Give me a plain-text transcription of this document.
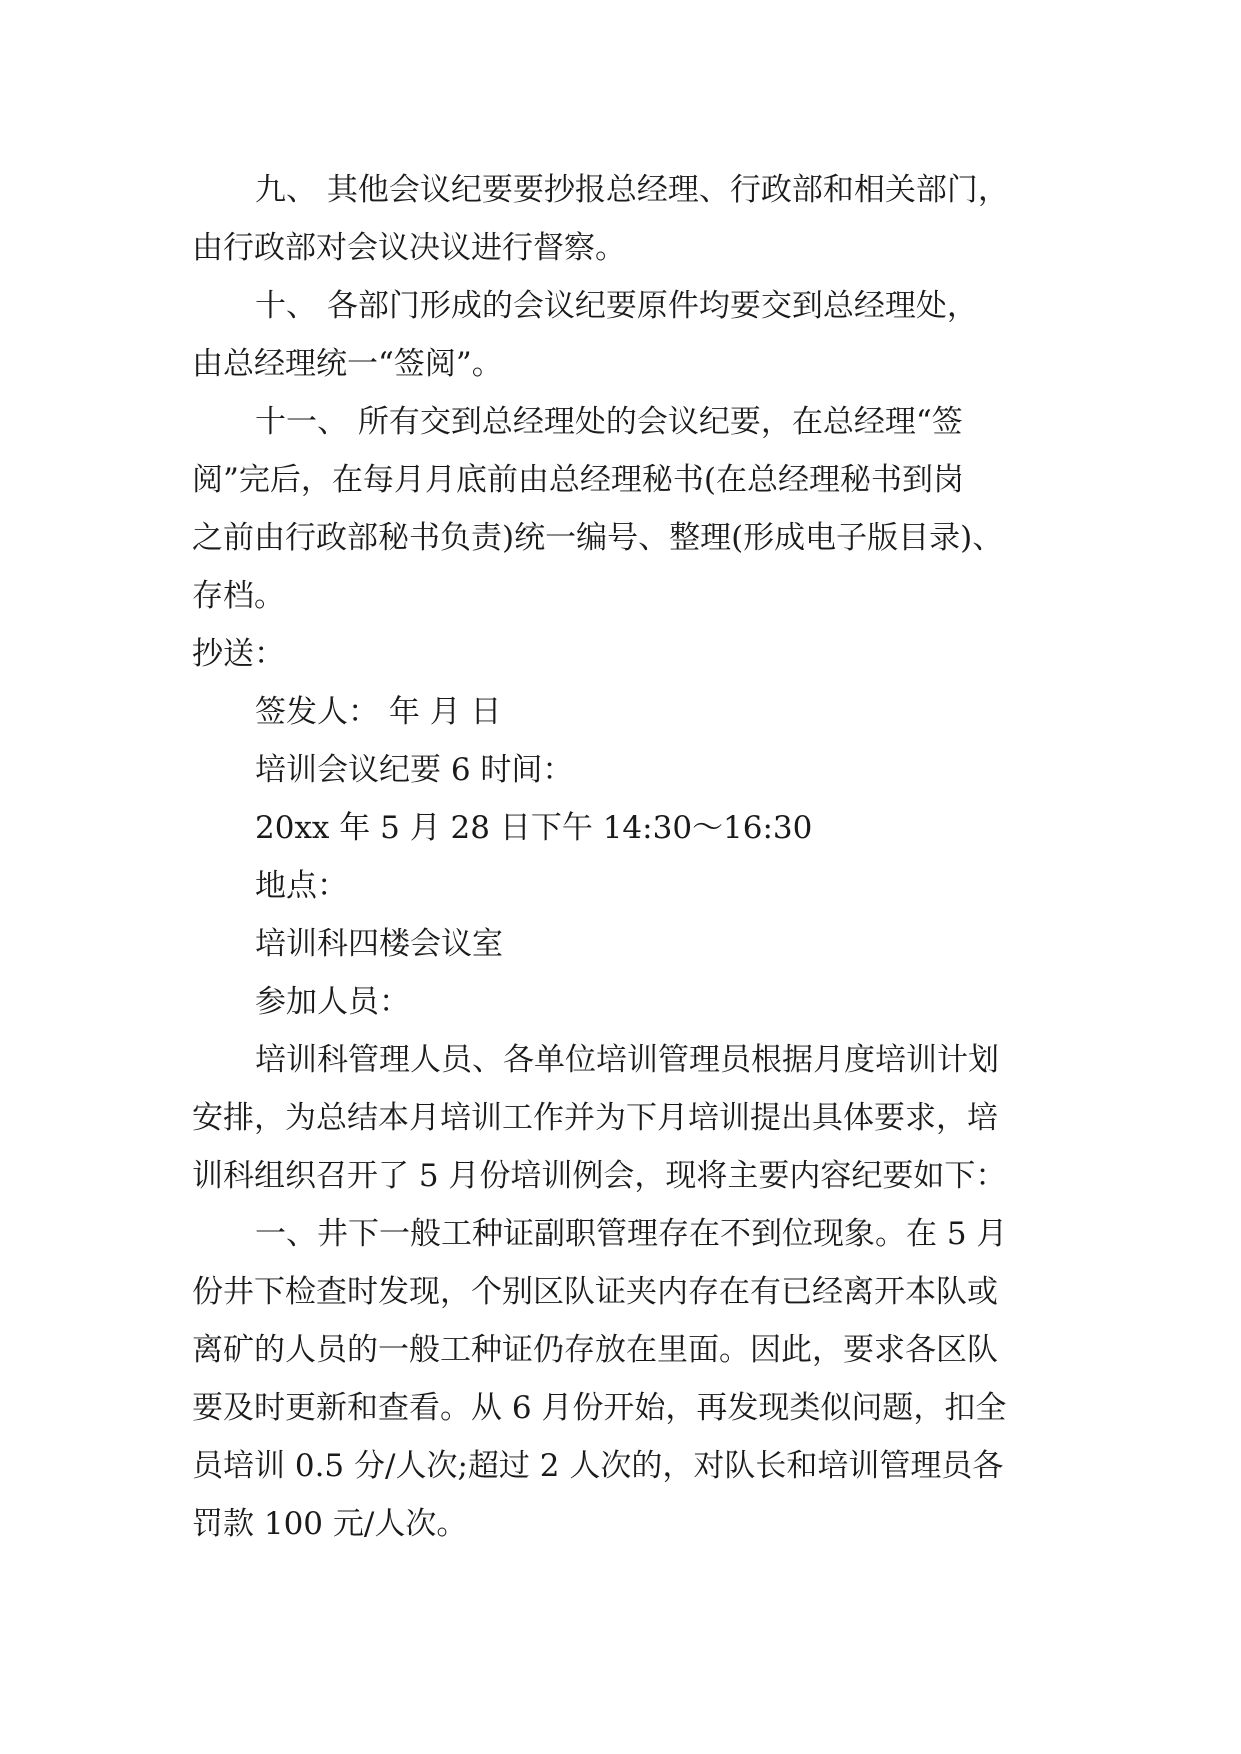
九、 其他会议纪要要抄报总经理、行政部和相关部门，
由行政部对会议决议进行督察。
十、 各部门形成的会议纪要原件均要交到总经理处，
由总经理统一“签阅”。
十一、 所有交到总经理处的会议纪要，在总经理“签
阅”完后，在每月月底前由总经理秘书(在总经理秘书到岗
之前由行政部秘书负责)统一编号、整理(形成电子版目录)、
存档。
抄送：
签发人： 年 月 日
培训会议纪要 6 时间：
20xx 年 5 月 28 日下午 14:30～16:30
地点：
培训科四楼会议室
参加人员：
培训科管理人员、各单位培训管理员根据月度培训计划
安排，为总结本月培训工作并为下月培训提出具体要求，培
训科组织召开了 5 月份培训例会，现将主要内容纪要如下：
一、井下一般工种证副职管理存在不到位现象。在 5 月
份井下检查时发现，个别区队证夹内存在有已经离开本队或
离矿的人员的一般工种证仍存放在里面。因此，要求各区队
要及时更新和查看。从 6 月份开始，再发现类似问题，扣全
员培训 0.5 分/人次;超过 2 人次的，对队长和培训管理员各
罚款 100 元/人次。
